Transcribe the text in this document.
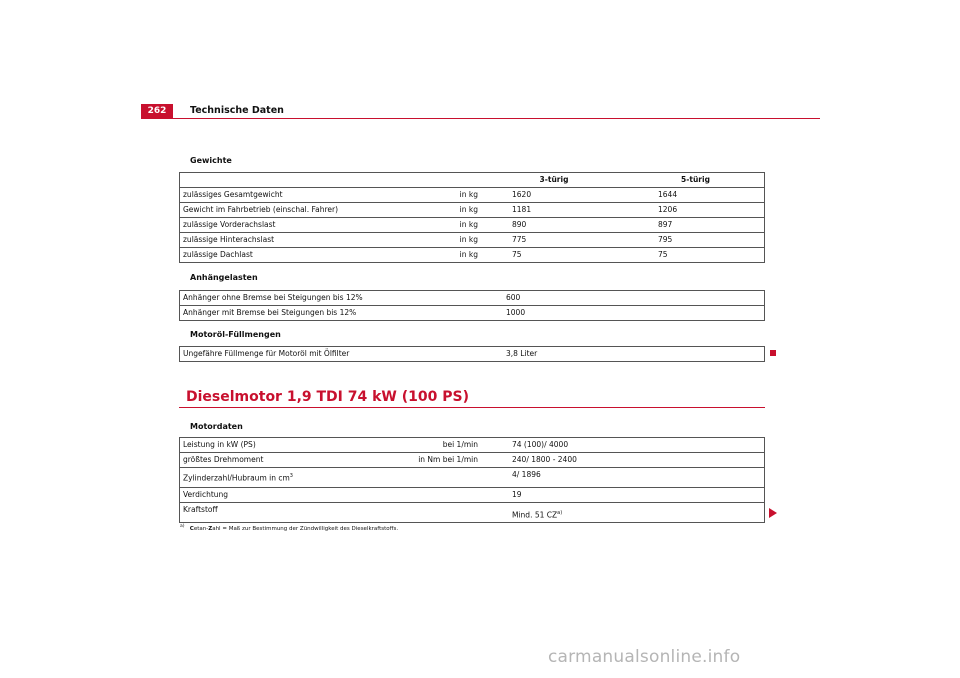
262	Technische Daten
Gewichte
	3-türig	5-türig
zulässiges Gesamtgewicht in kg	1620	1644
Gewicht im Fahrbetrieb (einschal. Fahrer) in kg	1181	1206
zulässige Vorderachslast in kg	890	897
zulässige Hinterachslast in kg	775	795
zulässige Dachlast in kg	75	75
Anhängelasten
Anhänger ohne Bremse bei Steigungen bis 12%	600
Anhänger mit Bremse bei Steigungen bis 12%	1000
Motoröl-Füllmengen
Ungefähre Füllmenge für Motoröl mit Ölfilter	3,8 Liter
Dieselmotor 1,9 TDI 74 kW (100 PS)
Motordaten
Leistung in kW (PS) bei 1/min	74 (100)/ 4000
größtes Drehmoment in Nm bei 1/min	240/ 1800 - 2400
Zylinderzahl/Hubraum in $cm^3$	4/ 1896
Verdichtung	19
Kraftstoff	Mind. 51 CZ$^{a)}$
$^{a)}$ Cetan-Zahl = Maß zur Bestimmung der Zündwilligkeit des Dieselkraftstoffs.
carmanualsonline.info
